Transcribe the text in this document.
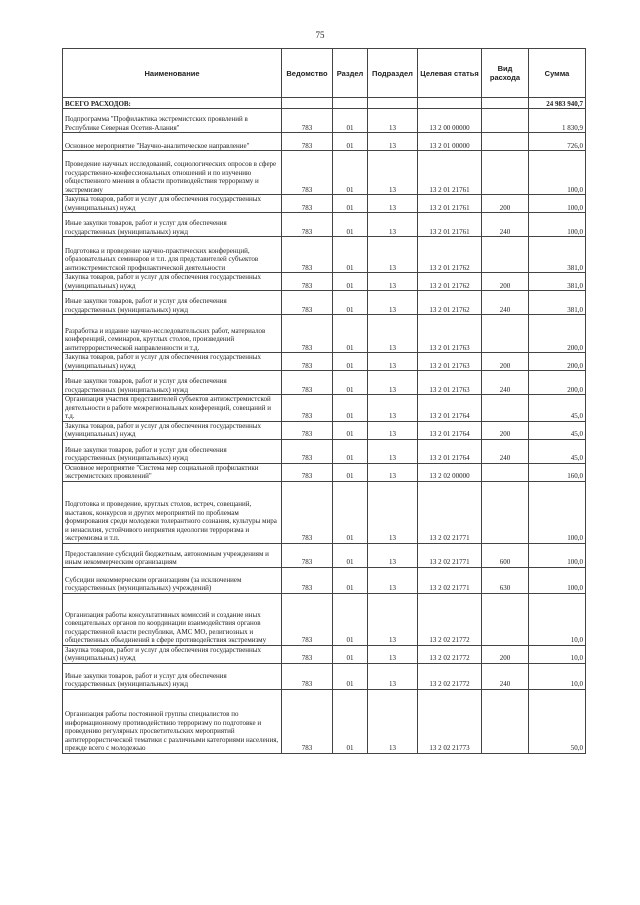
75
Наименование	Ведомство	Раздел	Подраздел	Целевая статья	Вид расхода	Сумма
ВСЕГО РАСХОДОВ:						24 983 940,7
Подпрограмма "Профилактика экстремистских проявлений в Республике Северная Осетия-Алания"	783	01	13	13 2 00 00000		1 830,9
Основное мероприятие "Научно-аналитическое направление"	783	01	13	13 2 01 00000		726,0
Проведение научных исследований, социологических опросов в сфере государственно-конфессиональных отношений и по изучению общественного мнения в области противодействия терроризму и экстремизму	783	01	13	13 2 01 21761		100,0
Закупка товаров, работ и услуг для обеспечения государственных (муниципальных) нужд	783	01	13	13 2 01 21761	200	100,0
Иные закупки товаров, работ и услуг для обеспечения государственных (муниципальных) нужд	783	01	13	13 2 01 21761	240	100,0
Подготовка и проведение научно-практических конференций, образовательных семинаров и т.п. для представителей субъектов антиэкстремистской профилактической деятельности	783	01	13	13 2 01 21762		381,0
Закупка товаров, работ и услуг для обеспечения государственных (муниципальных) нужд	783	01	13	13 2 01 21762	200	381,0
Иные закупки товаров, работ и услуг для обеспечения государственных (муниципальных) нужд	783	01	13	13 2 01 21762	240	381,0
Разработка и издание научно-исследовательских работ, материалов конференций, семинаров, круглых столов, произведений антитеррористической направленности и т.д.	783	01	13	13 2 01 21763		200,0
Закупка товаров, работ и услуг для обеспечения государственных (муниципальных) нужд	783	01	13	13 2 01 21763	200	200,0
Иные закупки товаров, работ и услуг для обеспечения государственных (муниципальных) нужд	783	01	13	13 2 01 21763	240	200,0
Организация участия представителей субъектов антиэкстремистской деятельности в работе межрегиональных конференций, совещаний и т.д.	783	01	13	13 2 01 21764		45,0
Закупка товаров, работ и услуг для обеспечения государственных (муниципальных) нужд	783	01	13	13 2 01 21764	200	45,0
Иные закупки товаров, работ и услуг для обеспечения государственных (муниципальных) нужд	783	01	13	13 2 01 21764	240	45,0
Основное мероприятие "Система мер социальной профилактики экстремистских проявлений"	783	01	13	13 2 02 00000		160,0
Подготовка и проведение, круглых столов, встреч, совещаний, выставок, конкурсов и других мероприятий по проблемам формирования среди молодежи толерантного сознания, культуры мира и ненасилия, устойчивого неприятия идеологии терроризма и экстремизма и т.п.	783	01	13	13 2 02 21771		100,0
Предоставление субсидий бюджетным, автономным учреждениям и иным некоммерческим организациям	783	01	13	13 2 02 21771	600	100,0
Субсидии некоммерческим организациям (за исключением государственных (муниципальных) учреждений)	783	01	13	13 2 02 21771	630	100,0
Организация работы консультативных комиссий и создание иных совещательных органов по координации взаимодействия органов государственной власти республики, АМС МО, религиозных и общественных объединений в сфере противодействия экстремизму	783	01	13	13 2 02 21772		10,0
Закупка товаров, работ и услуг для обеспечения государственных (муниципальных) нужд	783	01	13	13 2 02 21772	200	10,0
Иные закупки товаров, работ и услуг для обеспечения государственных (муниципальных) нужд	783	01	13	13 2 02 21772	240	10,0
Организация работы постоянной группы специалистов по информационному противодействию терроризму по подготовке и проведению регулярных просветительских мероприятий антитеррористической тематики с различными категориями населения, прежде всего с молодежью	783	01	13	13 2 02 21773		50,0
